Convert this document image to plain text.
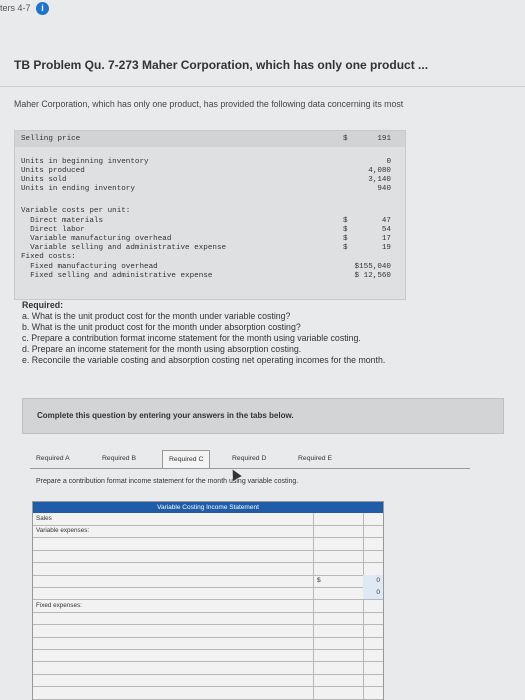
ters 4-7 i
TB Problem Qu. 7-273 Maher Corporation, which has only one product ...
Maher Corporation, which has only one product, has provided the following data concerning its most
Selling price	$	191
Units in beginning inventory	0
Units produced	4,080
Units sold	3,140
Units in ending inventory	940
Variable costs per unit:
Direct materials	$	47
Direct labor	$	54
Variable manufacturing overhead	$	17
Variable selling and administrative expense	$	19
Fixed costs:
Fixed manufacturing overhead	$155,040
Fixed selling and administrative expense	$ 12,560
Required:
a. What is the unit product cost for the month under variable costing?
b. What is the unit product cost for the month under absorption costing?
c. Prepare a contribution format income statement for the month using variable costing.
d. Prepare an income statement for the month using absorption costing.
e. Reconcile the variable costing and absorption costing net operating incomes for the month.
Complete this question by entering your answers in the tabs below.
Required A	Required B	Required C	Required D	Required E
Prepare a contribution format income statement for the month using variable costing.
Variable Costing Income Statement
Sales
Variable expenses:
$	0
0
Fixed expenses:
